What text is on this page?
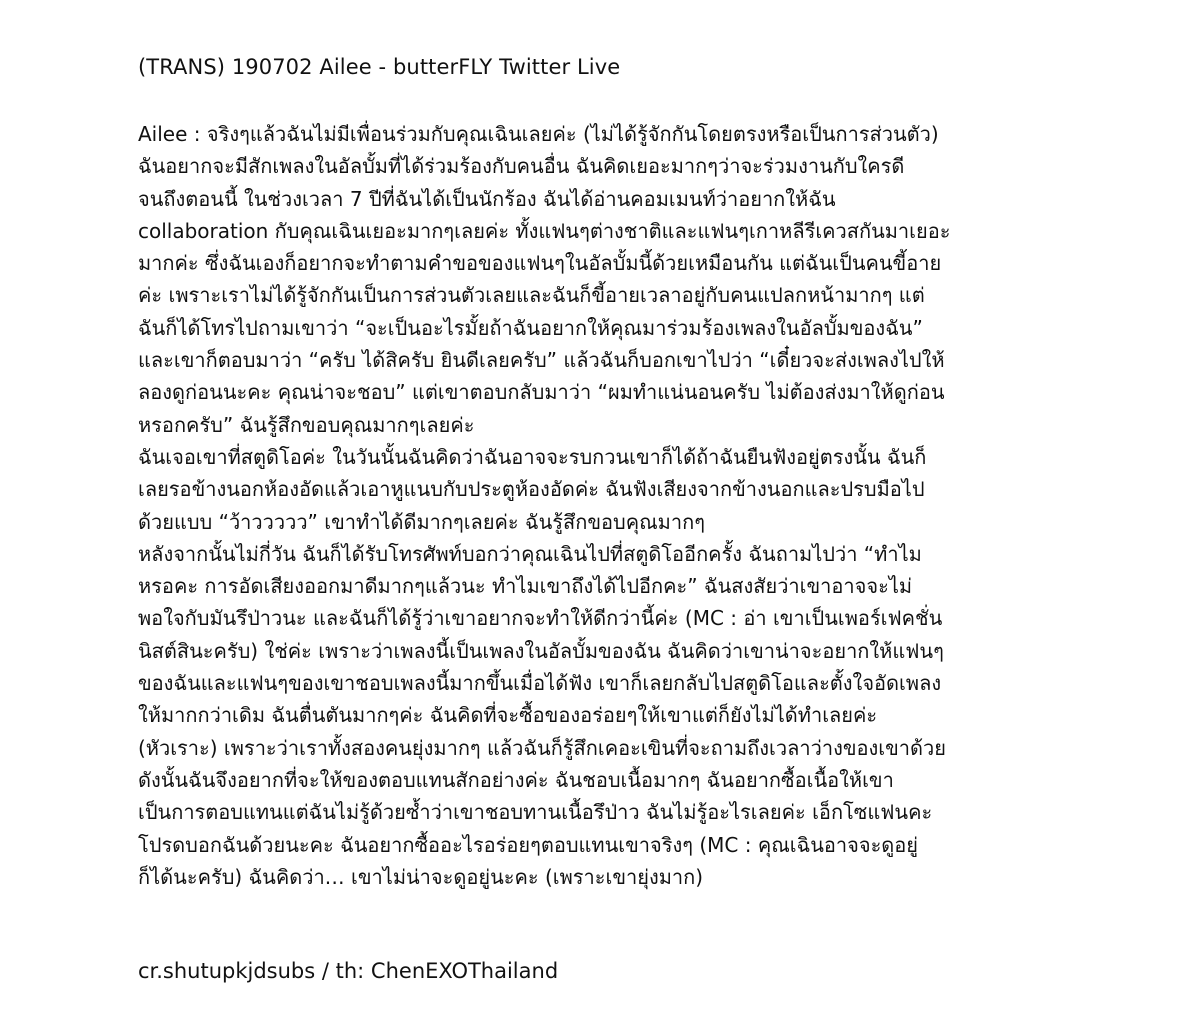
(TRANS) 190702 Ailee - butterFLY Twitter Live
Ailee : จริงๆแล้วฉันไม่มีเพื่อนร่วมกับคุณเฉินเลยค่ะ (ไม่ได้รู้จักกันโดยตรงหรือเป็นการส่วนตัว)
ฉันอยากจะมีสักเพลงในอัลบั้มที่ได้ร่วมร้องกับคนอื่น ฉันคิดเยอะมากๆว่าจะร่วมงานกับใครดี
จนถึงตอนนี้ ในช่วงเวลา 7 ปีที่ฉันได้เป็นนักร้อง ฉันได้อ่านคอมเมนท์ว่าอยากให้ฉัน
collaboration กับคุณเฉินเยอะมากๆเลยค่ะ ทั้งแฟนๆต่างชาติและแฟนๆเกาหลีรีเควสกันมาเยอะ
มากค่ะ ซึ่งฉันเองก็อยากจะทำตามคำขอของแฟนๆในอัลบั้มนี้ด้วยเหมือนกัน แต่ฉันเป็นคนขี้อาย
ค่ะ เพราะเราไม่ได้รู้จักกันเป็นการส่วนตัวเลยและฉันก็ขี้อายเวลาอยู่กับคนแปลกหน้ามากๆ แต่
ฉันก็ได้โทรไปถามเขาว่า “จะเป็นอะไรมั้ยถ้าฉันอยากให้คุณมาร่วมร้องเพลงในอัลบั้มของฉัน”
และเขาก็ตอบมาว่า “ครับ ได้สิครับ ยินดีเลยครับ” แล้วฉันก็บอกเขาไปว่า “เดี๋ยวจะส่งเพลงไปให้
ลองดูก่อนนะคะ คุณน่าจะชอบ” แต่เขาตอบกลับมาว่า “ผมทำแน่นอนครับ ไม่ต้องส่งมาให้ดูก่อน
หรอกครับ” ฉันรู้สึกขอบคุณมากๆเลยค่ะ
ฉันเจอเขาที่สตูดิโอค่ะ ในวันนั้นฉันคิดว่าฉันอาจจะรบกวนเขาก็ได้ถ้าฉันยืนฟังอยู่ตรงนั้น ฉันก็
เลยรอข้างนอกห้องอัดแล้วเอาหูแนบกับประตูห้องอัดค่ะ ฉันฟังเสียงจากข้างนอกและปรบมือไป
ด้วยแบบ “ว้าววววว” เขาทำได้ดีมากๆเลยค่ะ ฉันรู้สึกขอบคุณมากๆ
หลังจากนั้นไม่กี่วัน ฉันก็ได้รับโทรศัพท์บอกว่าคุณเฉินไปที่สตูดิโออีกครั้ง ฉันถามไปว่า “ทำไม
หรอคะ การอัดเสียงออกมาดีมากๆแล้วนะ ทำไมเขาถึงได้ไปอีกคะ” ฉันสงสัยว่าเขาอาจจะไม่
พอใจกับมันรึป่าวนะ และฉันก็ได้รู้ว่าเขาอยากจะทำให้ดีกว่านี้ค่ะ (MC : อ่า เขาเป็นเพอร์เฟคชั่น
นิสต์สินะครับ) ใช่ค่ะ เพราะว่าเพลงนี้เป็นเพลงในอัลบั้มของฉัน ฉันคิดว่าเขาน่าจะอยากให้แฟนๆ
ของฉันและแฟนๆของเขาชอบเพลงนี้มากขึ้นเมื่อได้ฟัง เขาก็เลยกลับไปสตูดิโอและตั้งใจอัดเพลง
ให้มากกว่าเดิม ฉันตื่นตันมากๆค่ะ ฉันคิดที่จะซื้อของอร่อยๆให้เขาแต่ก็ยังไม่ได้ทำเลยค่ะ
(หัวเราะ) เพราะว่าเราทั้งสองคนยุ่งมากๆ แล้วฉันก็รู้สึกเคอะเขินที่จะถามถึงเวลาว่างของเขาด้วย
ดังนั้นฉันจึงอยากที่จะให้ของตอบแทนสักอย่างค่ะ ฉันชอบเนื้อมากๆ ฉันอยากซื้อเนื้อให้เขา
เป็นการตอบแทนแต่ฉันไม่รู้ด้วยซ้ำว่าเขาชอบทานเนื้อรึป่าว ฉันไม่รู้อะไรเลยค่ะ เอ็กโซแฟนคะ
โปรดบอกฉันด้วยนะคะ ฉันอยากซื้ออะไรอร่อยๆตอบแทนเขาจริงๆ (MC : คุณเฉินอาจจะดูอยู่
ก็ได้นะครับ) ฉันคิดว่า… เขาไม่น่าจะดูอยู่นะคะ (เพราะเขายุ่งมาก)
cr.shutupkjdsubs / th: ChenEXOThailand
